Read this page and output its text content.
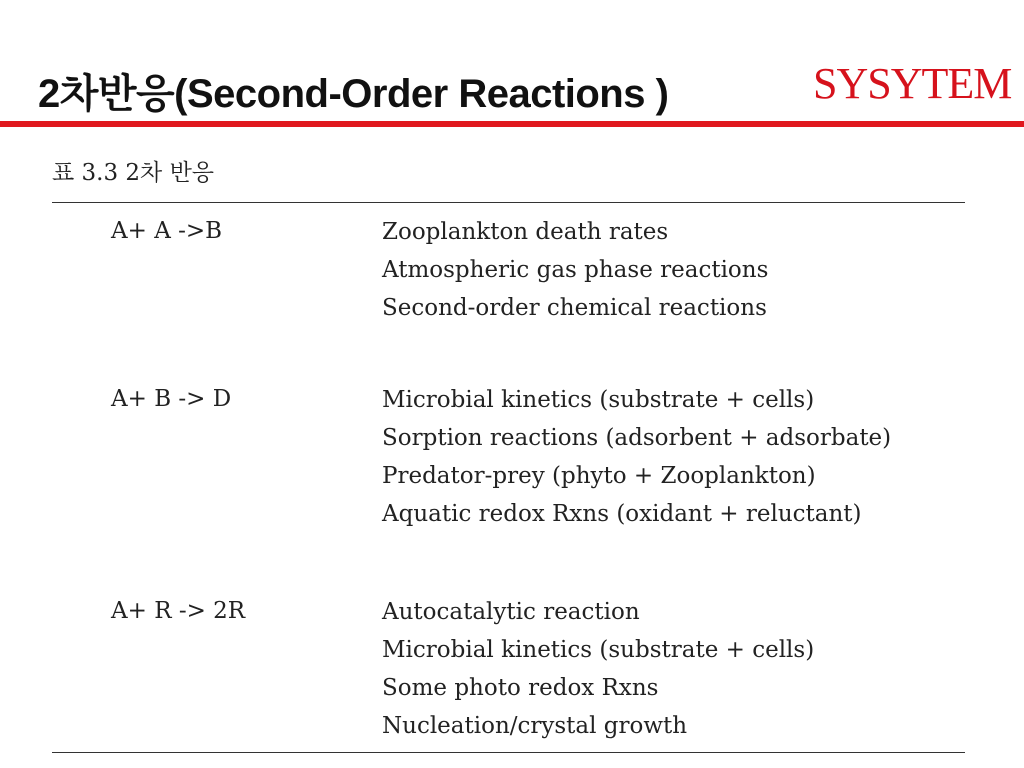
2차반응(Second-Order Reactions )	SYSYTEM
표 3.3 2차 반응
A+ A ->B	Zooplankton death rates
Atmospheric gas phase reactions
Second-order chemical reactions
A+ B -> D	Microbial kinetics (substrate + cells)
Sorption reactions (adsorbent + adsorbate)
Predator-prey (phyto + Zooplankton)
Aquatic redox Rxns (oxidant + reluctant)
A+ R -> 2R	Autocatalytic reaction
Microbial kinetics (substrate + cells)
Some photo redox Rxns
Nucleation/crystal growth
